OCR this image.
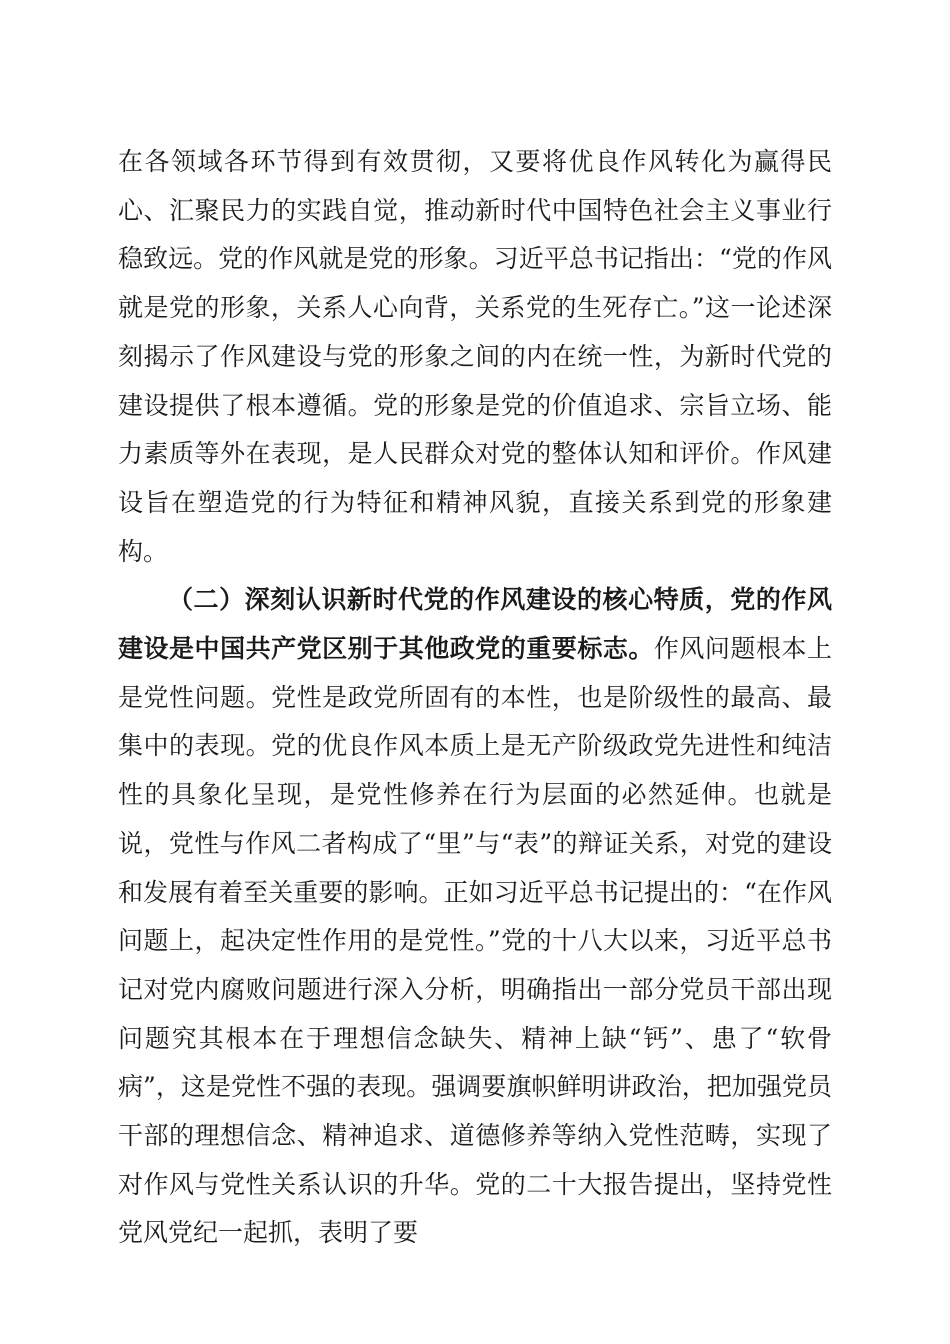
在各领域各环节得到有效贯彻，又要将优良作风转化为赢得民心、汇聚民力的实践自觉，推动新时代中国特色社会主义事业行稳致远。党的作风就是党的形象。习近平总书记指出：“党的作风就是党的形象，关系人心向背，关系党的生死存亡。”这一论述深刻揭示了作风建设与党的形象之间的内在统一性，为新时代党的建设提供了根本遵循。党的形象是党的价值追求、宗旨立场、能力素质等外在表现，是人民群众对党的整体认知和评价。作风建设旨在塑造党的行为特征和精神风貌，直接关系到党的形象建构。

（二）深刻认识新时代党的作风建设的核心特质，党的作风建设是中国共产党区别于其他政党的重要标志。作风问题根本上是党性问题。党性是政党所固有的本性，也是阶级性的最高、最集中的表现。党的优良作风本质上是无产阶级政党先进性和纯洁性的具象化呈现，是党性修养在行为层面的必然延伸。也就是说，党性与作风二者构成了“里”与“表”的辩证关系，对党的建设和发展有着至关重要的影响。正如习近平总书记提出的：“在作风问题上，起决定性作用的是党性。”党的十八大以来，习近平总书记对党内腐败问题进行深入分析，明确指出一部分党员干部出现问题究其根本在于理想信念缺失、精神上缺“钙”、患了“软骨病”，这是党性不强的表现。强调要旗帜鲜明讲政治，把加强党员干部的理想信念、精神追求、道德修养等纳入党性范畴，实现了对作风与党性关系认识的升华。党的二十大报告提出，坚持党性党风党纪一起抓，表明了要
